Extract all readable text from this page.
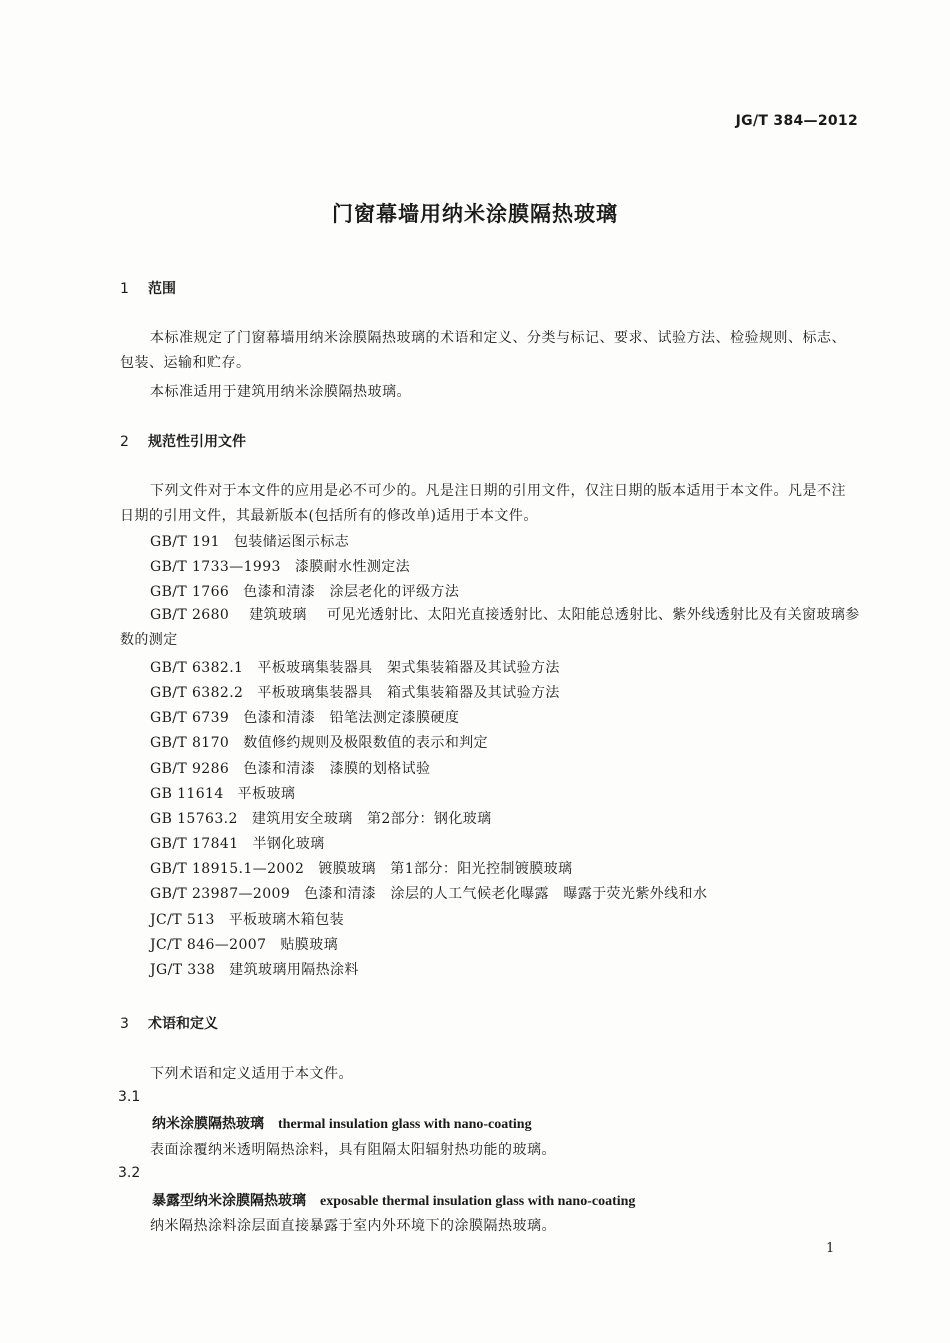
JG/T 384—2012
门窗幕墙用纳米涂膜隔热玻璃
1 范围
本标准规定了门窗幕墙用纳米涂膜隔热玻璃的术语和定义、分类与标记、要求、试验方法、检验规则、标志、包装、运输和贮存。
本标准适用于建筑用纳米涂膜隔热玻璃。
2 规范性引用文件
下列文件对于本文件的应用是必不可少的。凡是注日期的引用文件，仅注日期的版本适用于本文件。凡是不注日期的引用文件，其最新版本(包括所有的修改单)适用于本文件。
GB/T 191 包装储运图示标志
GB/T 1733—1993 漆膜耐水性测定法
GB/T 1766 色漆和清漆　涂层老化的评级方法
GB/T 2680 建筑玻璃 可见光透射比、太阳光直接透射比、太阳能总透射比、紫外线透射比及有关窗玻璃参数的测定
GB/T 6382.1 平板玻璃集装器具　架式集装箱器及其试验方法
GB/T 6382.2 平板玻璃集装器具　箱式集装箱器及其试验方法
GB/T 6739 色漆和清漆　铅笔法测定漆膜硬度
GB/T 8170 数值修约规则及极限数值的表示和判定
GB/T 9286 色漆和清漆　漆膜的划格试验
GB 11614 平板玻璃
GB 15763.2 建筑用安全玻璃　第2部分：钢化玻璃
GB/T 17841 半钢化玻璃
GB/T 18915.1—2002 镀膜玻璃　第1部分：阳光控制镀膜玻璃
GB/T 23987—2009 色漆和清漆　涂层的人工气候老化曝露　曝露于荧光紫外线和水
JC/T 513 平板玻璃木箱包装
JC/T 846—2007 贴膜玻璃
JG/T 338 建筑玻璃用隔热涂料
3 术语和定义
下列术语和定义适用于本文件。
3.1
纳米涂膜隔热玻璃 thermal insulation glass with nano-coating
表面涂覆纳米透明隔热涂料，具有阻隔太阳辐射热功能的玻璃。
3.2
暴露型纳米涂膜隔热玻璃 exposable thermal insulation glass with nano-coating
纳米隔热涂料涂层面直接暴露于室内外环境下的涂膜隔热玻璃。
1
